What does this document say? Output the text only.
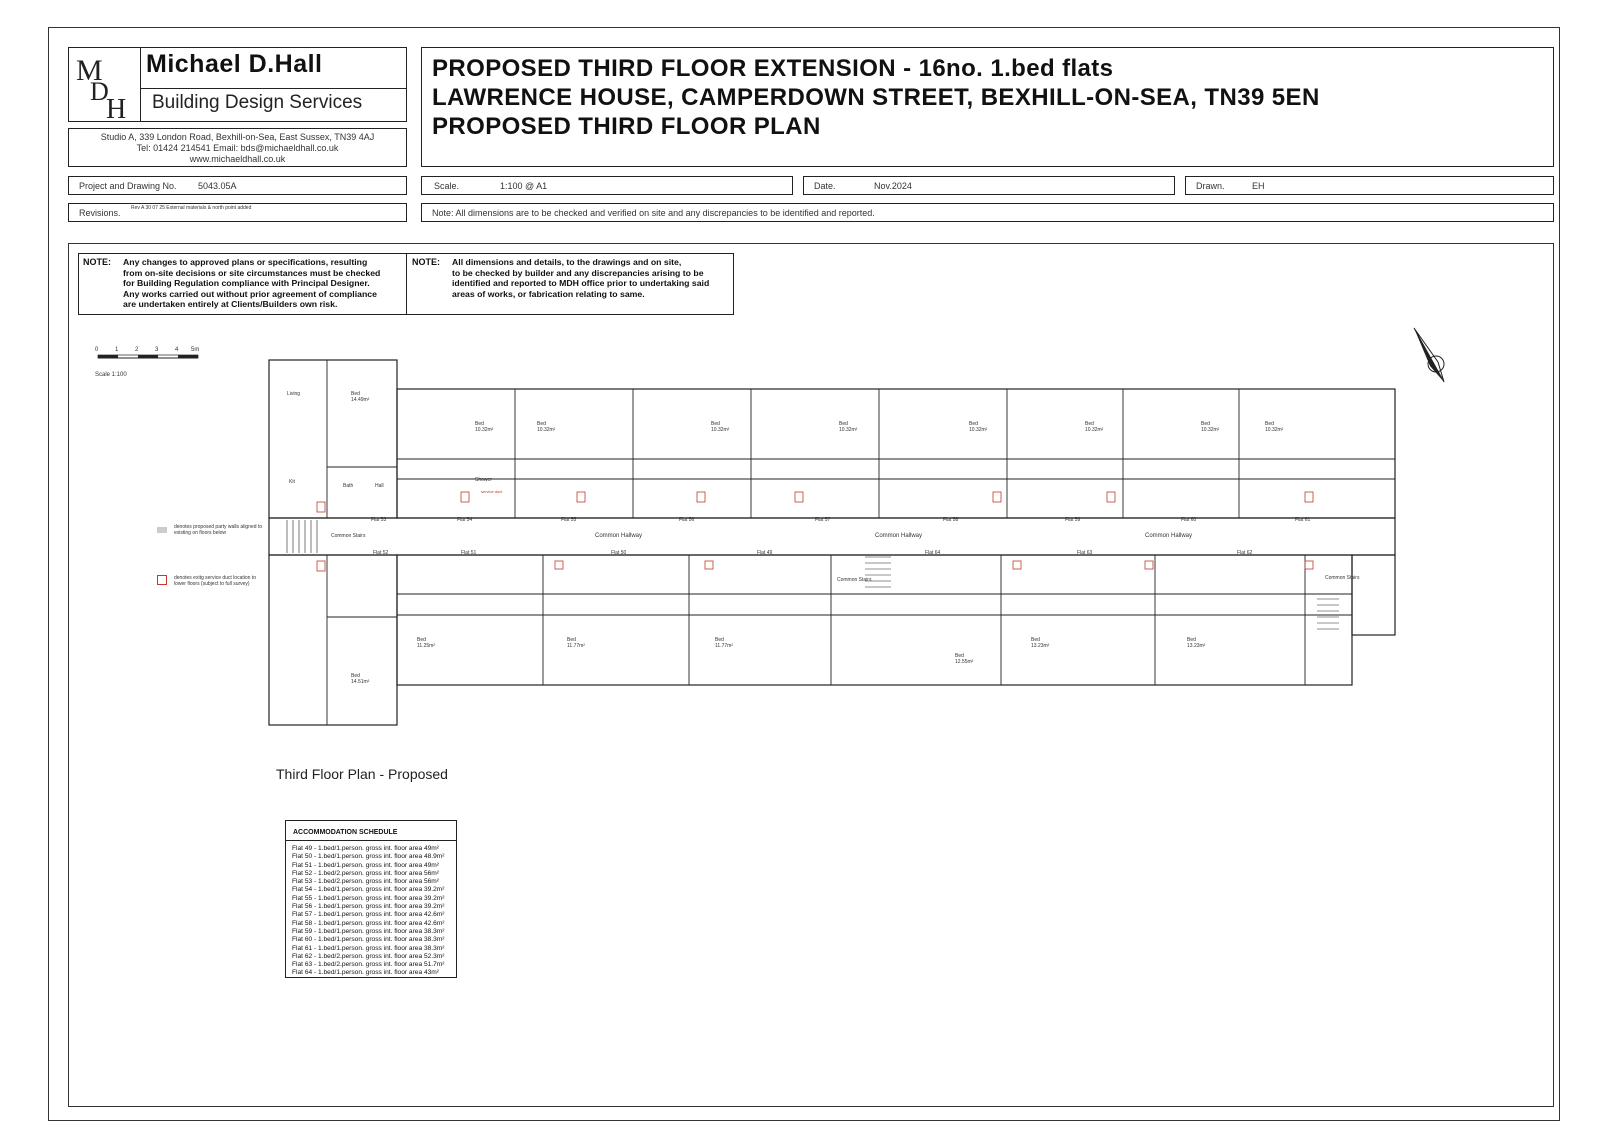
M
D
H
Michael D.Hall
Building Design Services
Studio A, 339 London Road, Bexhill-on-Sea, East Sussex, TN39 4AJ
Tel: 01424 214541 Email: bds@michaeldhall.co.uk
www.michaeldhall.co.uk
PROPOSED THIRD FLOOR EXTENSION - 16no. 1.bed flats
LAWRENCE HOUSE, CAMPERDOWN STREET, BEXHILL-ON-SEA, TN39 5EN
PROPOSED THIRD FLOOR PLAN
Project and Drawing No. 5043.05A	Scale.	1:100 @ A1	Date.	Nov.2024	Drawn.	EH
Revisions. Rev A 30 07 25 External materials & north point added	Note: All dimensions are to be checked and verified on site and any discrepancies to be identified and reported.
NOTE: Any changes to approved plans or specifications, resulting
from on-site decisions or site circumstances must be checked
for Building Regulation compliance with Principal Designer.
Any works carried out without prior agreement of compliance
are undertaken entirely at Clients/Builders own risk.
NOTE: All dimensions and details, to the drawings and on site,
to be checked by builder and any discrepancies arising to be
identified and reported to MDH office prior to undertaking said
areas of works, or fabrication relating to same.
0	1	2	3	4 5m
Scale 1:100
denotes proposed party walls aligned to existing on floors below
denotes exitg service duct location to lower floors (subject to full survey)
Common Hallway	Common Hallway	Common Hallway
Common Stairs
Common Stairs	Common Stairs
Flat 53
Bed
14.49m²
Flat 54
Bed
10.32m²
Flat 55
Bed
10.32m²
Flat 56
Bed
10.32m²
Flat 57
Bed
10.32m²
Flat 58
Bed
10.32m²
Flat 59
Bed
10.32m²
Flat 60
Bed
10.32m²
Flat 61
Bed
10.32m²
Flat 52
Bed
14.51m²
Flat 51
Bed
11.25m²
Flat 50
Bed
11.77m²
Flat 49
Bed
11.77m²
Flat 64
Bed
12.55m²
Flat 63
Bed
13.23m²
Flat 62
Bed
13.23m²
Living
Kit
Bath	Hall
Shower
service duct
Third Floor Plan - Proposed
ACCOMMODATION SCHEDULE
Flat 49 - 1.bed/1.person. gross int. floor area 49m²
Flat 50 - 1.bed/1.person. gross int. floor area 48.9m²
Flat 51 - 1.bed/1.person. gross int. floor area 49m²
Flat 52 - 1.bed/2.person. gross int. floor area 56m²
Flat 53 - 1.bed/2.person. gross int. floor area 56m²
Flat 54 - 1.bed/1.person. gross int. floor area 39.2m²
Flat 55 - 1.bed/1.person. gross int. floor area 39.2m²
Flat 56 - 1.bed/1.person. gross int. floor area 39.2m²
Flat 57 - 1.bed/1.person. gross int. floor area 42.6m²
Flat 58 - 1.bed/1.person. gross int. floor area 42.6m²
Flat 59 - 1.bed/1.person. gross int. floor area 38.3m²
Flat 60 - 1.bed/1.person. gross int. floor area 38.3m²
Flat 61 - 1.bed/1.person. gross int. floor area 38.3m²
Flat 62 - 1.bed/2.person. gross int. floor area 52.3m²
Flat 63 - 1.bed/2.person. gross int. floor area 51.7m²
Flat 64 - 1.bed/1.person. gross int. floor area 43m²
